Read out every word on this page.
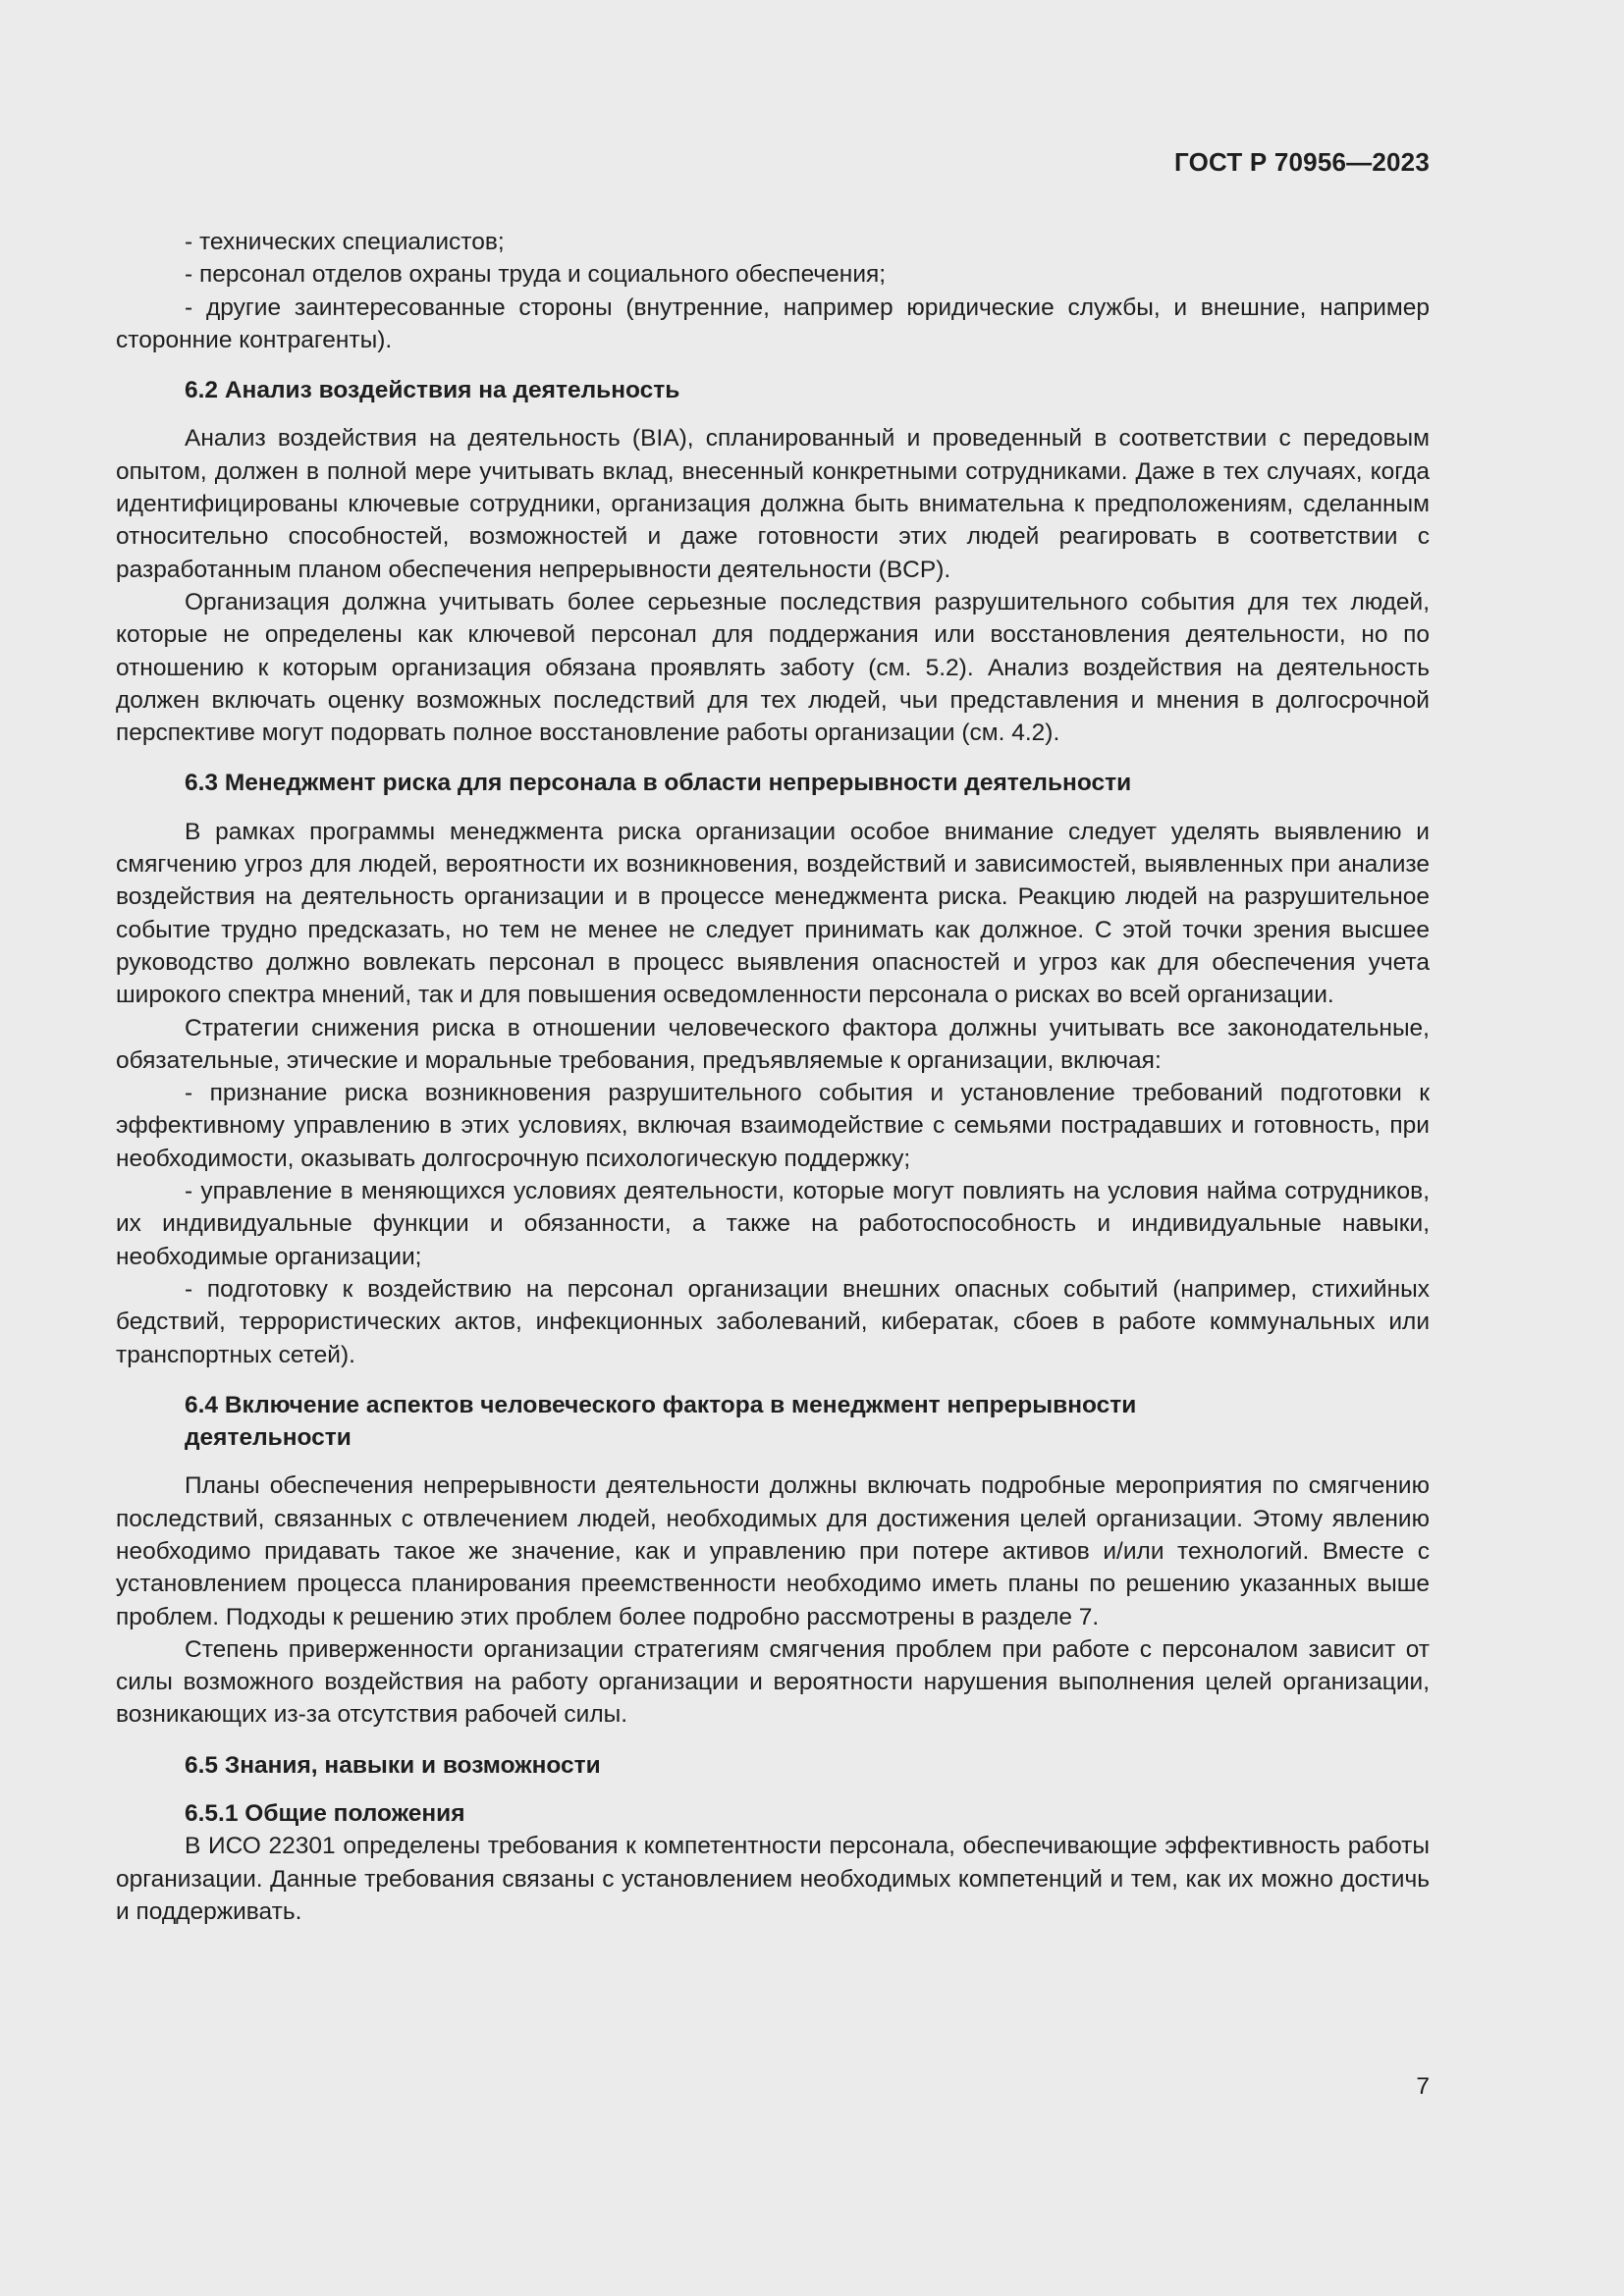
ГОСТ Р 70956—2023

- технических специалистов;

- персонал отделов охраны труда и социального обеспечения;

- другие заинтересованные стороны (внутренние, например юридические службы, и внешние, например сторонние контрагенты).

6.2 Анализ воздействия на деятельность

Анализ воздействия на деятельность (BIA), спланированный и проведенный в соответствии с передовым опытом, должен в полной мере учитывать вклад, внесенный конкретными сотрудниками. Даже в тех случаях, когда идентифицированы ключевые сотрудники, организация должна быть внимательна к предположениям, сделанным относительно способностей, возможностей и даже готовности этих людей реагировать в соответствии с разработанным планом обеспечения непрерывности деятельности (BCP).

Организация должна учитывать более серьезные последствия разрушительного события для тех людей, которые не определены как ключевой персонал для поддержания или восстановления деятельности, но по отношению к которым организация обязана проявлять заботу (см. 5.2). Анализ воздействия на деятельность должен включать оценку возможных последствий для тех людей, чьи представления и мнения в долгосрочной перспективе могут подорвать полное восстановление работы организации (см. 4.2).

6.3 Менеджмент риска для персонала в области непрерывности деятельности

В рамках программы менеджмента риска организации особое внимание следует уделять выявлению и смягчению угроз для людей, вероятности их возникновения, воздействий и зависимостей, выявленных при анализе воздействия на деятельность организации и в процессе менеджмента риска. Реакцию людей на разрушительное событие трудно предсказать, но тем не менее не следует принимать как должное. С этой точки зрения высшее руководство должно вовлекать персонал в процесс выявления опасностей и угроз как для обеспечения учета широкого спектра мнений, так и для повышения осведомленности персонала о рисках во всей организации.

Стратегии снижения риска в отношении человеческого фактора должны учитывать все законодательные, обязательные, этические и моральные требования, предъявляемые к организации, включая:

- признание риска возникновения разрушительного события и установление требований подготовки к эффективному управлению в этих условиях, включая взаимодействие с семьями пострадавших и готовность, при необходимости, оказывать долгосрочную психологическую поддержку;

- управление в меняющихся условиях деятельности, которые могут повлиять на условия найма сотрудников, их индивидуальные функции и обязанности, а также на работоспособность и индивидуальные навыки, необходимые организации;

- подготовку к воздействию на персонал организации внешних опасных событий (например, стихийных бедствий, террористических актов, инфекционных заболеваний, кибератак, сбоев в работе коммунальных или транспортных сетей).

6.4 Включение аспектов человеческого фактора в менеджмент непрерывности
деятельности

Планы обеспечения непрерывности деятельности должны включать подробные мероприятия по смягчению последствий, связанных с отвлечением людей, необходимых для достижения целей организации. Этому явлению необходимо придавать такое же значение, как и управлению при потере активов и/или технологий. Вместе с установлением процесса планирования преемственности необходимо иметь планы по решению указанных выше проблем. Подходы к решению этих проблем более подробно рассмотрены в разделе 7.

Степень приверженности организации стратегиям смягчения проблем при работе с персоналом зависит от силы возможного воздействия на работу организации и вероятности нарушения выполнения целей организации, возникающих из-за отсутствия рабочей силы.

6.5 Знания, навыки и возможности

6.5.1 Общие положения

В ИСО 22301 определены требования к компетентности персонала, обеспечивающие эффективность работы организации. Данные требования связаны с установлением необходимых компетенций и тем, как их можно достичь и поддерживать.

7
